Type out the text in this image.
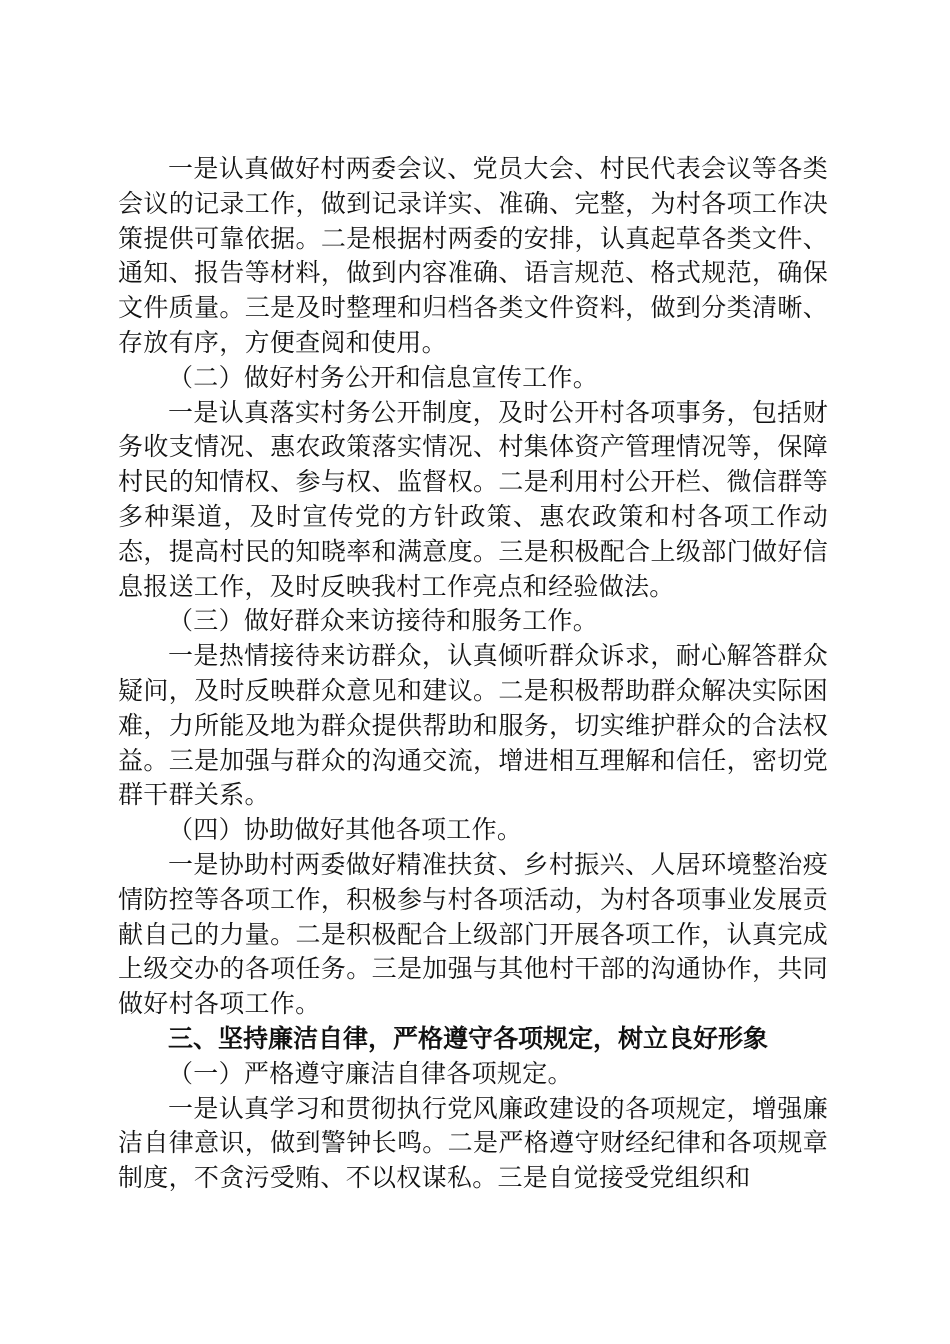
一是认真做好村两委会议、党员大会、村民代表会议等各类会议的记录工作，做到记录详实、准确、完整，为村各项工作决策提供可靠依据。二是根据村两委的安排，认真起草各类文件、通知、报告等材料，做到内容准确、语言规范、格式规范，确保文件质量。三是及时整理和归档各类文件资料，做到分类清晰、存放有序，方便查阅和使用。

（二）做好村务公开和信息宣传工作。

一是认真落实村务公开制度，及时公开村各项事务，包括财务收支情况、惠农政策落实情况、村集体资产管理情况等，保障村民的知情权、参与权、监督权。二是利用村公开栏、微信群等多种渠道，及时宣传党的方针政策、惠农政策和村各项工作动态，提高村民的知晓率和满意度。三是积极配合上级部门做好信息报送工作，及时反映我村工作亮点和经验做法。

（三）做好群众来访接待和服务工作。

一是热情接待来访群众，认真倾听群众诉求，耐心解答群众疑问，及时反映群众意见和建议。二是积极帮助群众解决实际困难，力所能及地为群众提供帮助和服务，切实维护群众的合法权益。三是加强与群众的沟通交流，增进相互理解和信任，密切党群干群关系。

（四）协助做好其他各项工作。

一是协助村两委做好精准扶贫、乡村振兴、人居环境整治疫情防控等各项工作，积极参与村各项活动，为村各项事业发展贡献自己的力量。二是积极配合上级部门开展各项工作，认真完成上级交办的各项任务。三是加强与其他村干部的沟通协作，共同做好村各项工作。

三、坚持廉洁自律，严格遵守各项规定，树立良好形象

（一）严格遵守廉洁自律各项规定。

一是认真学习和贯彻执行党风廉政建设的各项规定，增强廉洁自律意识，做到警钟长鸣。二是严格遵守财经纪律和各项规章制度，不贪污受贿、不以权谋私。三是自觉接受党组织和
